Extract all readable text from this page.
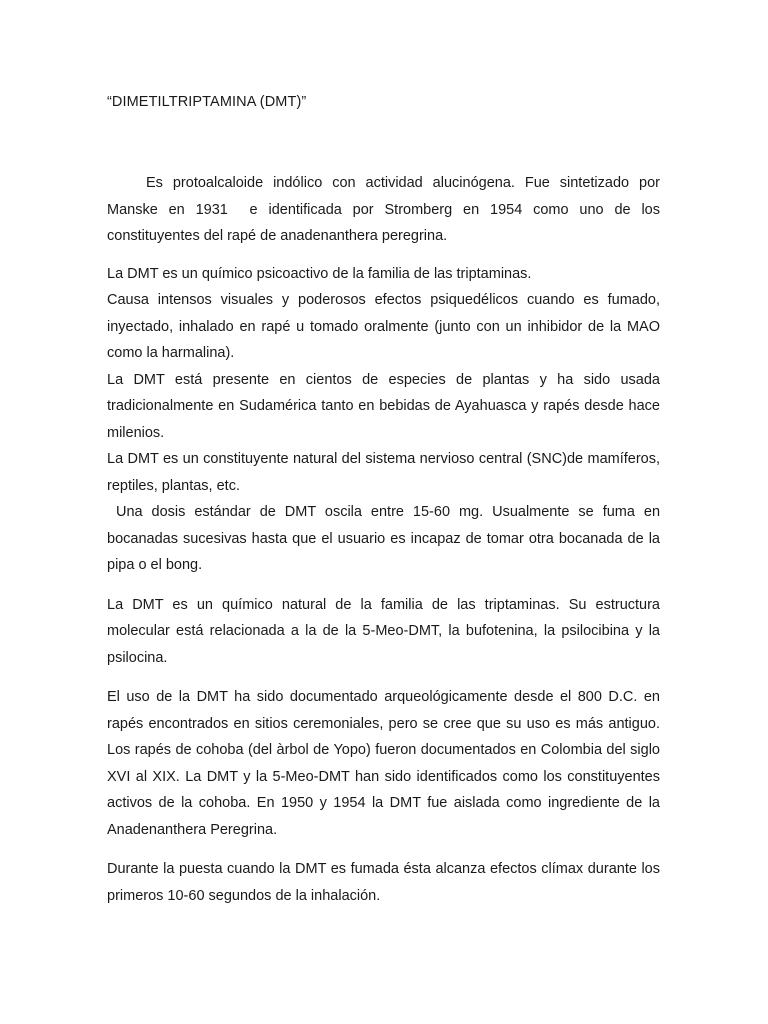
“DIMETILTRIPTAMINA (DMT)”

Es protoalcaloide indólico con actividad alucinógena. Fue sintetizado por Manske en 1931  e identificada por Stromberg en 1954 como uno de los constituyentes del rapé de anadenanthera peregrina.

La DMT es un químico psicoactivo de la familia de las triptaminas.

Causa intensos visuales y poderosos efectos psiquedélicos cuando es fumado, inyectado, inhalado en rapé u tomado oralmente (junto con un inhibidor de la MAO como la harmalina).

La DMT está presente en cientos de especies de plantas y ha sido usada tradicionalmente en Sudamérica tanto en bebidas de Ayahuasca y rapés desde hace milenios.

La DMT es un constituyente natural del sistema nervioso central (SNC)de mamíferos, reptiles, plantas, etc.

Una dosis estándar de DMT oscila entre 15-60 mg. Usualmente se fuma en bocanadas sucesivas hasta que el usuario es incapaz de tomar otra bocanada de la pipa o el bong.

La DMT es un químico natural de la familia de las triptaminas. Su estructura molecular está relacionada a la de la 5-Meo-DMT, la bufotenina, la psilocibina y la psilocina.

El uso de la DMT ha sido documentado arqueológicamente desde el 800 D.C. en rapés encontrados en sitios ceremoniales, pero se cree que su uso es más antiguo. Los rapés de cohoba (del àrbol de Yopo) fueron documentados en Colombia del siglo XVI al XIX. La DMT y la 5-Meo-DMT han sido identificados como los constituyentes activos de la cohoba. En 1950 y 1954 la DMT fue aislada como ingrediente de la Anadenanthera Peregrina.

Durante la puesta cuando la DMT es fumada ésta alcanza efectos clímax durante los primeros 10-60 segundos de la inhalación.
